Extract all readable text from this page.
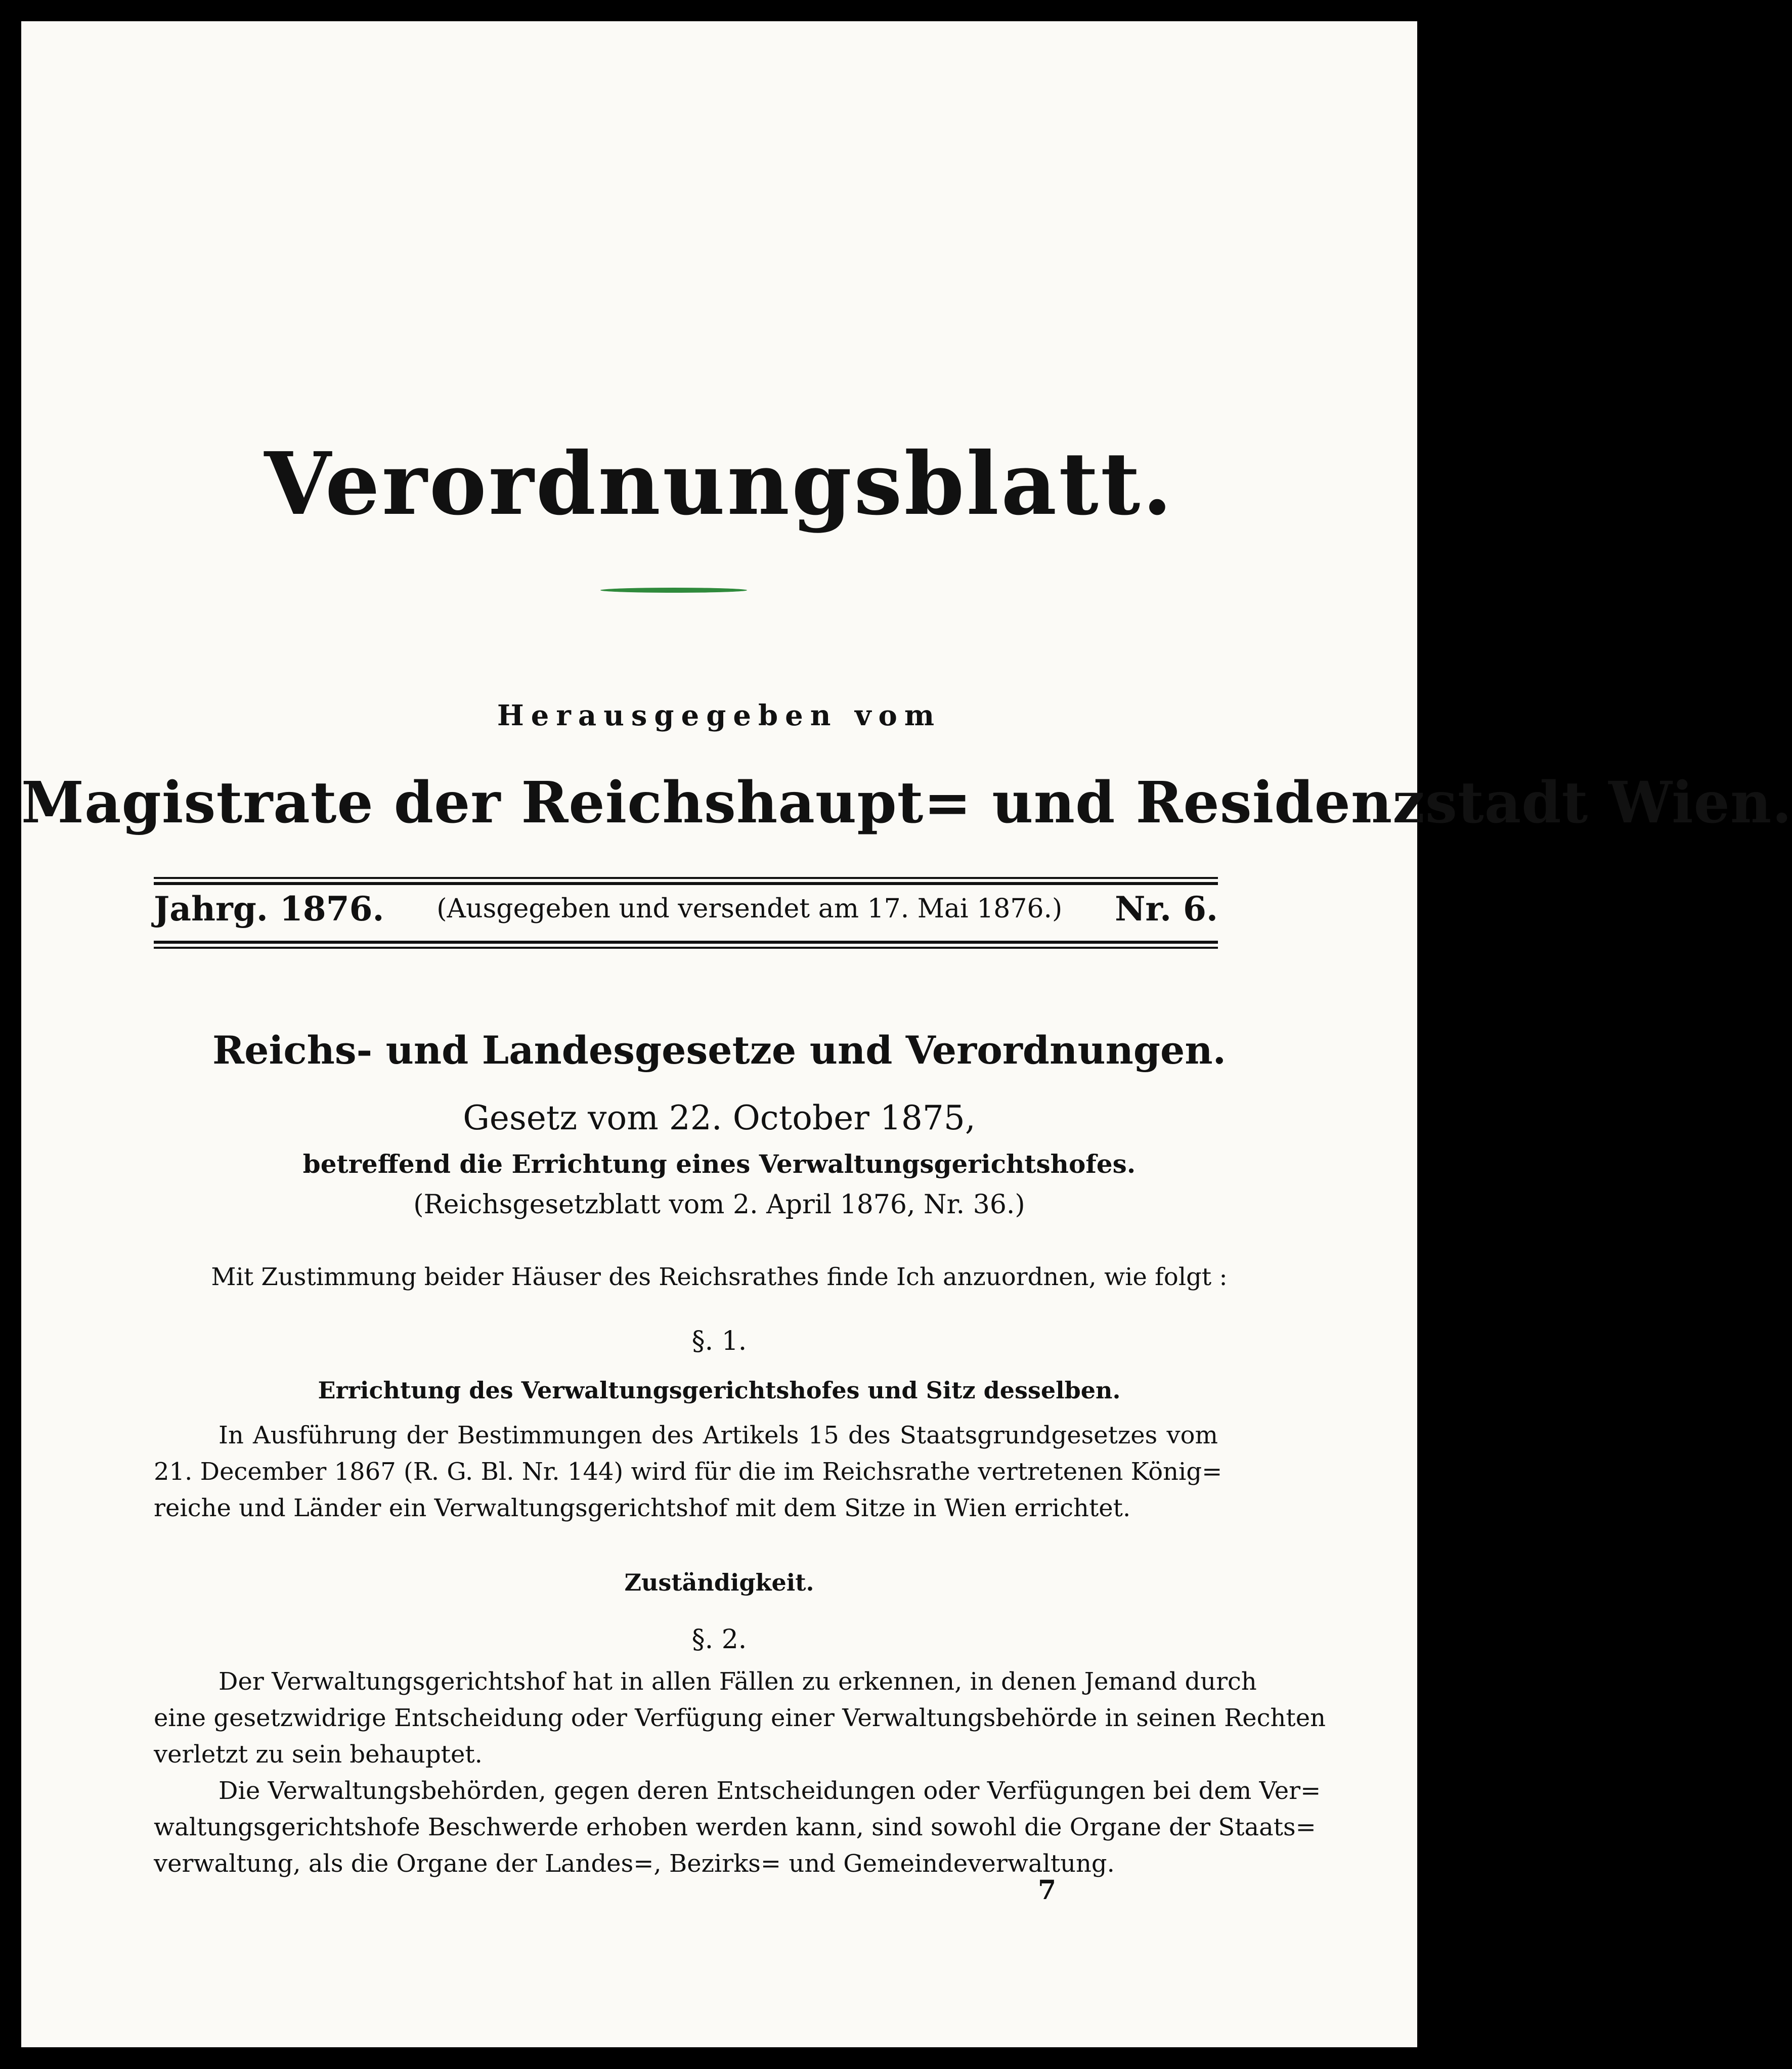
Verordnungsblatt.
Herausgegeben vom
Magistrate der Reichshaupt= und Residenzstadt Wien.
Jahrg. 1876. (Ausgegeben und versendet am 17. Mai 1876.) Nr. 6.
Reichs- und Landesgesetze und Verordnungen.
Gesetz vom 22. October 1875,
betreffend die Errichtung eines Verwaltungsgerichtshofes.
(Reichsgesetzblatt vom 2. April 1876, Nr. 36.)
Mit Zustimmung beider Häuser des Reichsrathes finde Ich anzuordnen, wie folgt :
§. 1.
Errichtung des Verwaltungsgerichtshofes und Sitz desselben.
In Ausführung der Bestimmungen des Artikels 15 des Staatsgrundgesetzes vom
21. December 1867 (R. G. Bl. Nr. 144) wird für die im Reichsrathe vertretenen König=
reiche und Länder ein Verwaltungsgerichtshof mit dem Sitze in Wien errichtet.
Zuständigkeit.
§. 2.
Der Verwaltungsgerichtshof hat in allen Fällen zu erkennen, in denen Jemand durch
eine gesetzwidrige Entscheidung oder Verfügung einer Verwaltungsbehörde in seinen Rechten
verletzt zu sein behauptet.
Die Verwaltungsbehörden, gegen deren Entscheidungen oder Verfügungen bei dem Ver=
waltungsgerichtshofe Beschwerde erhoben werden kann, sind sowohl die Organe der Staats=
verwaltung, als die Organe der Landes=, Bezirks= und Gemeindeverwaltung.
7
